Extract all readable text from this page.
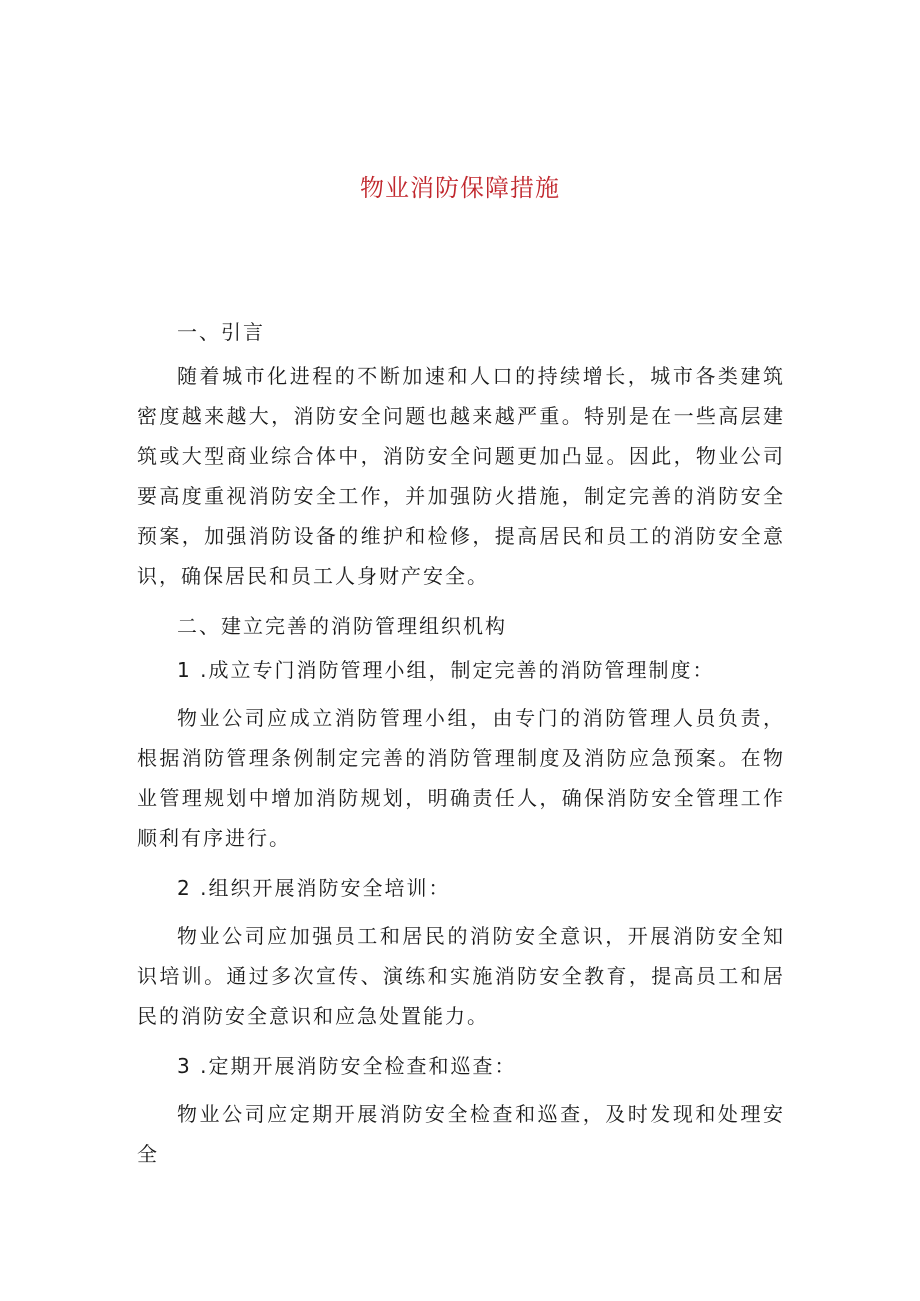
物业消防保障措施

一、引言

随着城市化进程的不断加速和人口的持续增长，城市各类建筑密度越来越大，消防安全问题也越来越严重。特别是在一些高层建筑或大型商业综合体中，消防安全问题更加凸显。因此，物业公司要高度重视消防安全工作，并加强防火措施，制定完善的消防安全预案，加强消防设备的维护和检修，提高居民和员工的消防安全意识，确保居民和员工人身财产安全。

二、建立完善的消防管理组织机构

1 .成立专门消防管理小组，制定完善的消防管理制度：

物业公司应成立消防管理小组，由专门的消防管理人员负责，根据消防管理条例制定完善的消防管理制度及消防应急预案。在物业管理规划中增加消防规划，明确责任人，确保消防安全管理工作顺利有序进行。

2 .组织开展消防安全培训：

物业公司应加强员工和居民的消防安全意识，开展消防安全知识培训。通过多次宣传、演练和实施消防安全教育，提高员工和居民的消防安全意识和应急处置能力。

3 .定期开展消防安全检查和巡查：

物业公司应定期开展消防安全检查和巡查，及时发现和处理安全
